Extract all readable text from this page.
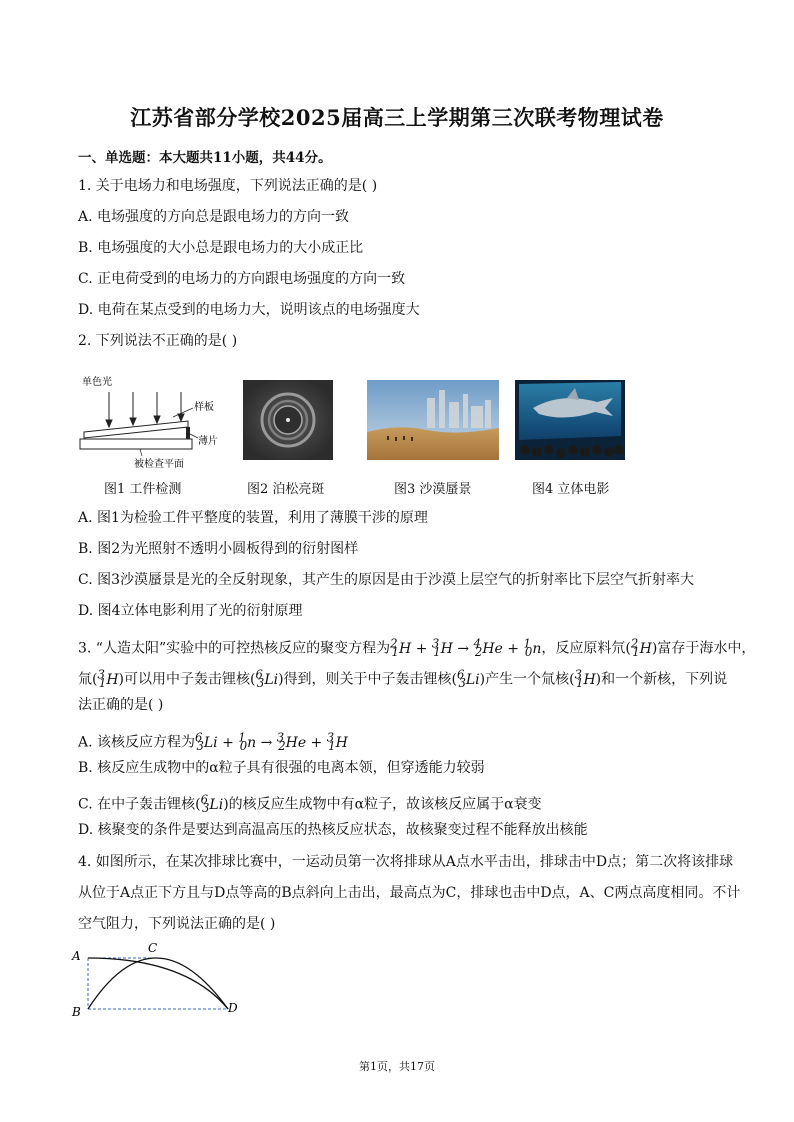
江苏省部分学校2025届高三上学期第三次联考物理试卷
一、单选题：本大题共11小题，共44分。
1. 关于电场力和电场强度，下列说法正确的是( )
A. 电场强度的方向总是跟电场力的方向一致
B. 电场强度的大小总是跟电场力的大小成正比
C. 正电荷受到的电场力的方向跟电场强度的方向一致
D. 电荷在某点受到的电场力大，说明该点的电场强度大
2. 下列说法不正确的是( )
单色光
样板
薄片
被检查平面
图1 工件检测	图2 泊松亮斑	图3 沙漠蜃景	图4 立体电影
A. 图1为检验工件平整度的装置，利用了薄膜干涉的原理
B. 图2为光照射不透明小圆板得到的衍射图样
C. 图3沙漠蜃景是光的全反射现象，其产生的原因是由于沙漠上层空气的折射率比下层空气折射率大
D. 图4立体电影利用了光的衍射原理
3. “人造太阳”实验中的可控热核反应的聚变方程为$^2_1$H + $^3_1$H → $^4_2$He + $^1_0$n，反应原料氘($^2_1$H)富存于海水中，
氚($^3_1$H)可以用中子轰击锂核($^6_3$Li)得到，则关于中子轰击锂核($^6_3$Li)产生一个氚核($^3_1$H)和一个新核，下列说
法正确的是( )
A. 该核反应方程为$^6_3$Li + $^1_0$n → $^3_2$He + $^3_1$H
B. 核反应生成物中的α粒子具有很强的电离本领，但穿透能力较弱
C. 在中子轰击锂核($^6_3$Li)的核反应生成物中有α粒子，故该核反应属于α衰变
D. 核聚变的条件是要达到高温高压的热核反应状态，故核聚变过程不能释放出核能
4. 如图所示，在某次排球比赛中，一运动员第一次将排球从A点水平击出，排球击中D点；第二次将该排球
从位于A点正下方且与D点等高的B点斜向上击出，最高点为C，排球也击中D点，A、C两点高度相同。不计
空气阻力，下列说法正确的是( )
A
B
C
D
第1页，共17页
